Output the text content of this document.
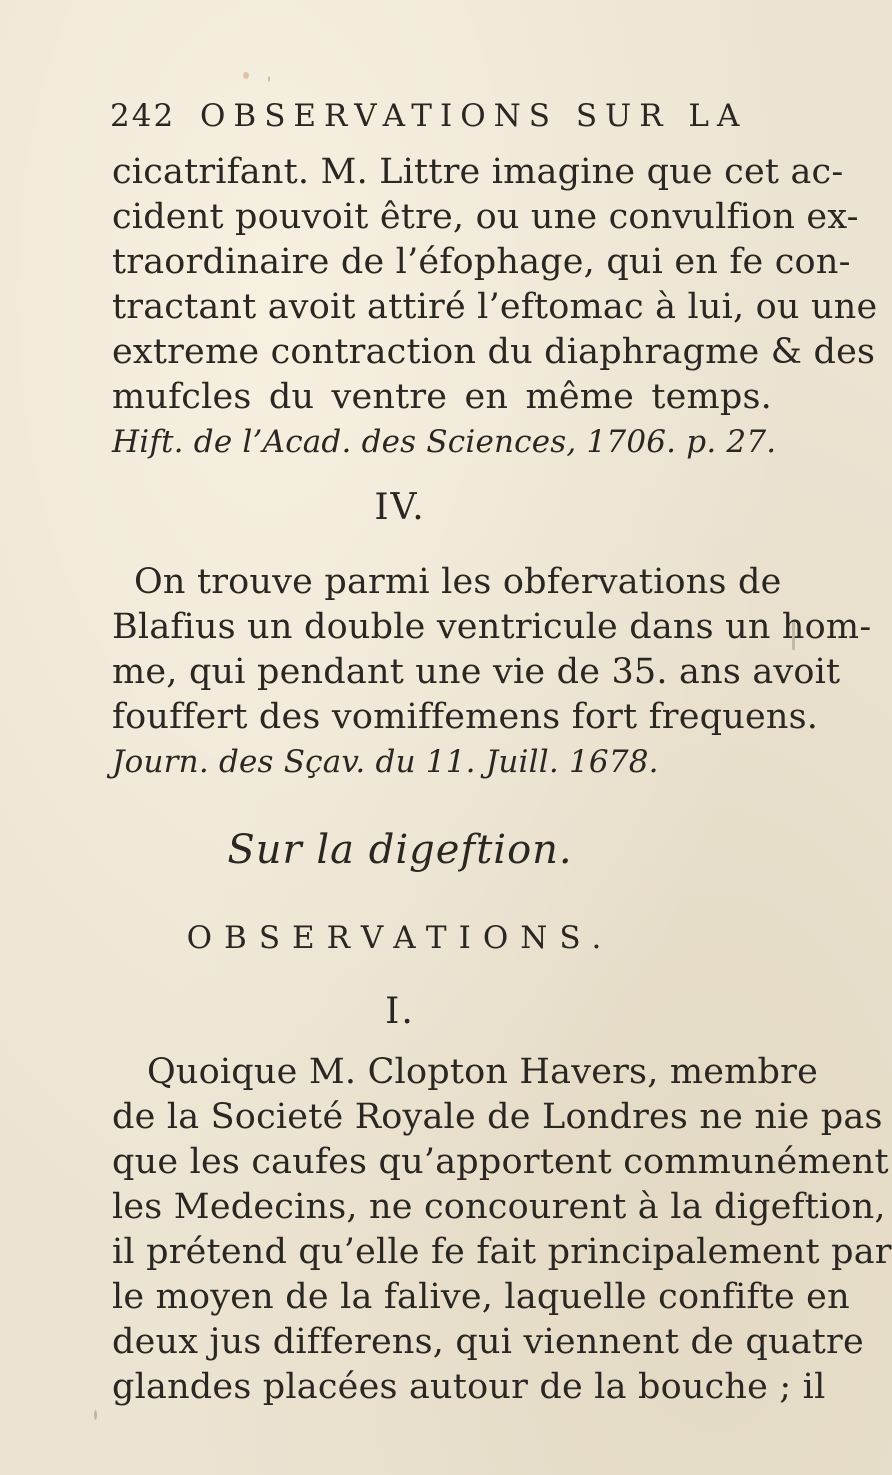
242 OBSERVATIONS SUR LA
cicatrifant. M. Littre imagine que cet ac-
cident pouvoit être, ou une convulfion ex-
traordinaire de l’éfophage, qui en fe con-
tractant avoit attiré l’eftomac à lui, ou une
extreme contraction du diaphragme & des
mufcles du ventre en même temps.
Hift. de l’Acad. des Sciences, 1706. p. 27.
IV.
On trouve parmi les obfervations de
Blafius un double ventricule dans un hom-
me, qui pendant une vie de 35. ans avoit
fouffert des vomiffemens fort frequens.
Journ. des Sçav. du 11. Juill. 1678.
Sur la digeftion.
OBSERVATIONS.
I.
Quoique M. Clopton Havers, membre
de la Societé Royale de Londres ne nie pas
que les caufes qu’apportent communément
les Medecins, ne concourent à la digeftion,
il prétend qu’elle fe fait principalement par
le moyen de la falive, laquelle confifte en
deux jus differens, qui viennent de quatre
glandes placées autour de la bouche ; il
